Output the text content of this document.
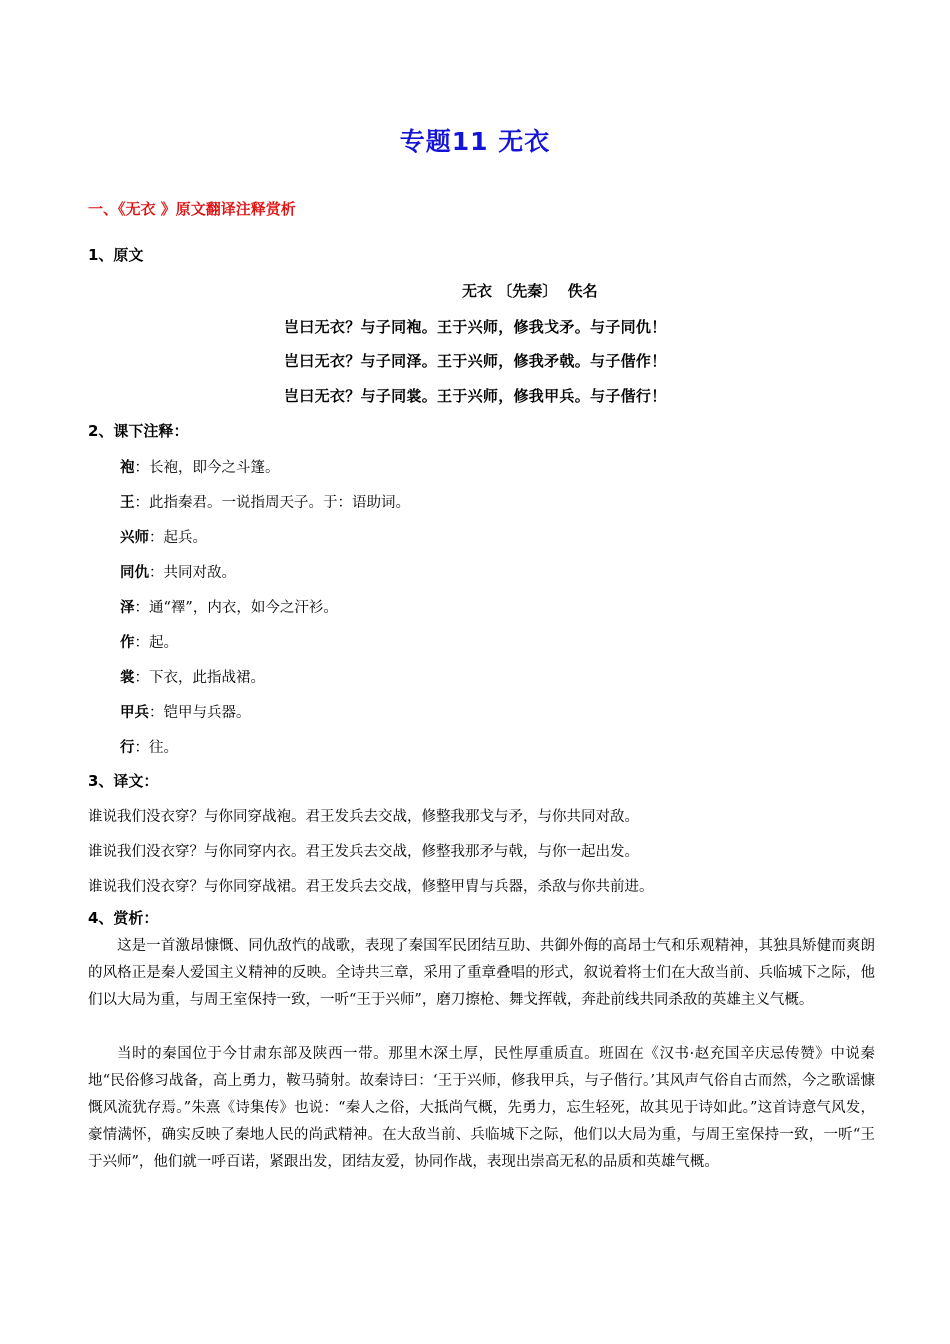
专题11 无衣
一、《无衣 》原文翻译注释赏析
1、原文
无衣 〔先秦〕  佚名
岂曰无衣？与子同袍。王于兴师，修我戈矛。与子同仇！
岂曰无衣？与子同泽。王于兴师，修我矛戟。与子偕作！
岂曰无衣？与子同裳。王于兴师，修我甲兵。与子偕行！
2、课下注释：
袍：长袍，即今之斗篷。
王：此指秦君。一说指周天子。于：语助词。
兴师：起兵。
同仇：共同对敌。
泽：通“襗”，内衣，如今之汗衫。
作：起。
裳：下衣，此指战裙。
甲兵：铠甲与兵器。
行：往。
3、译文：
谁说我们没衣穿？与你同穿战袍。君王发兵去交战，修整我那戈与矛，与你共同对敌。
谁说我们没衣穿？与你同穿内衣。君王发兵去交战，修整我那矛与戟，与你一起出发。
谁说我们没衣穿？与你同穿战裙。君王发兵去交战，修整甲胄与兵器，杀敌与你共前进。
4、赏析：
这是一首激昂慷慨、同仇敌忾的战歌，表现了秦国军民团结互助、共御外侮的高昂士气和乐观精神，其独具矫健而爽朗的风格正是秦人爱国主义精神的反映。全诗共三章，采用了重章叠唱的形式，叙说着将士们在大敌当前、兵临城下之际，他们以大局为重，与周王室保持一致，一听“王于兴师”，磨刀擦枪、舞戈挥戟，奔赴前线共同杀敌的英雄主义气概。
当时的秦国位于今甘肃东部及陕西一带。那里木深土厚，民性厚重质直。班固在《汉书·赵充国辛庆忌传赞》中说秦地“民俗修习战备，高上勇力，鞍马骑射。故秦诗曰：‘王于兴师，修我甲兵，与子偕行。’其风声气俗自古而然，今之歌谣慷慨风流犹存焉。”朱熹《诗集传》也说：“秦人之俗，大抵尚气概，先勇力，忘生轻死，故其见于诗如此。”这首诗意气风发，豪情满怀，确实反映了秦地人民的尚武精神。在大敌当前、兵临城下之际，他们以大局为重，与周王室保持一致，一听“王于兴师”，他们就一呼百诺，紧跟出发，团结友爱，协同作战，表现出崇高无私的品质和英雄气概。
